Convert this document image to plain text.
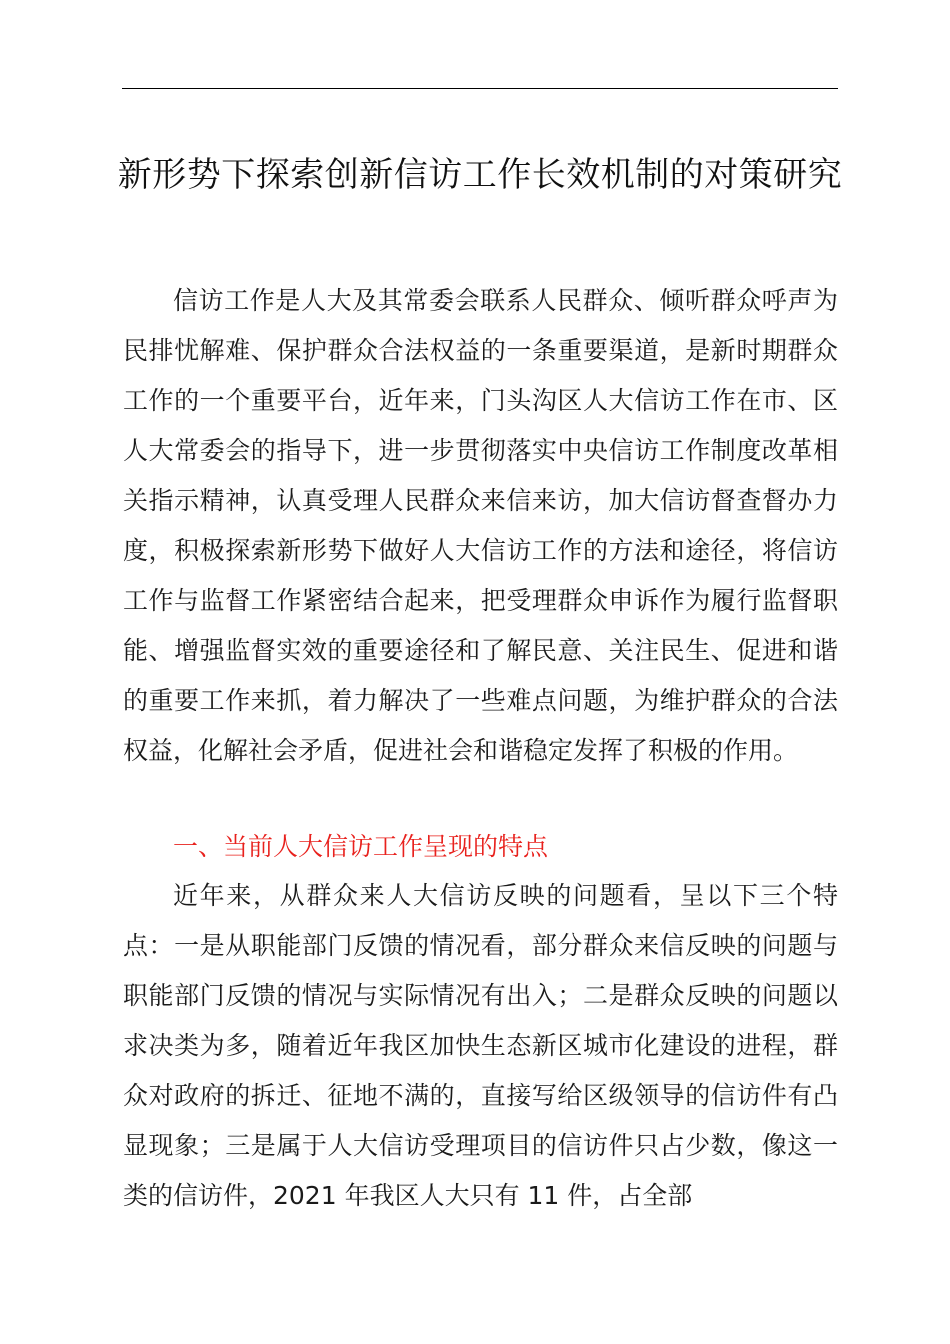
新形势下探索创新信访工作长效机制的对策研究
信访工作是人大及其常委会联系人民群众、倾听群众呼声为民排忧解难、保护群众合法权益的一条重要渠道，是新时期群众工作的一个重要平台，近年来，门头沟区人大信访工作在市、区人大常委会的指导下，进一步贯彻落实中央信访工作制度改革相关指示精神，认真受理人民群众来信来访，加大信访督查督办力度，积极探索新形势下做好人大信访工作的方法和途径，将信访工作与监督工作紧密结合起来，把受理群众申诉作为履行监督职能、增强监督实效的重要途径和了解民意、关注民生、促进和谐的重要工作来抓，着力解决了一些难点问题，为维护群众的合法权益，化解社会矛盾，促进社会和谐稳定发挥了积极的作用。
一、当前人大信访工作呈现的特点
近年来，从群众来人大信访反映的问题看，呈以下三个特点：一是从职能部门反馈的情况看，部分群众来信反映的问题与职能部门反馈的情况与实际情况有出入；二是群众反映的问题以求决类为多，随着近年我区加快生态新区城市化建设的进程，群众对政府的拆迁、征地不满的，直接写给区级领导的信访件有凸显现象；三是属于人大信访受理项目的信访件只占少数，像这一类的信访件，2021 年我区人大只有 11 件，占全部
